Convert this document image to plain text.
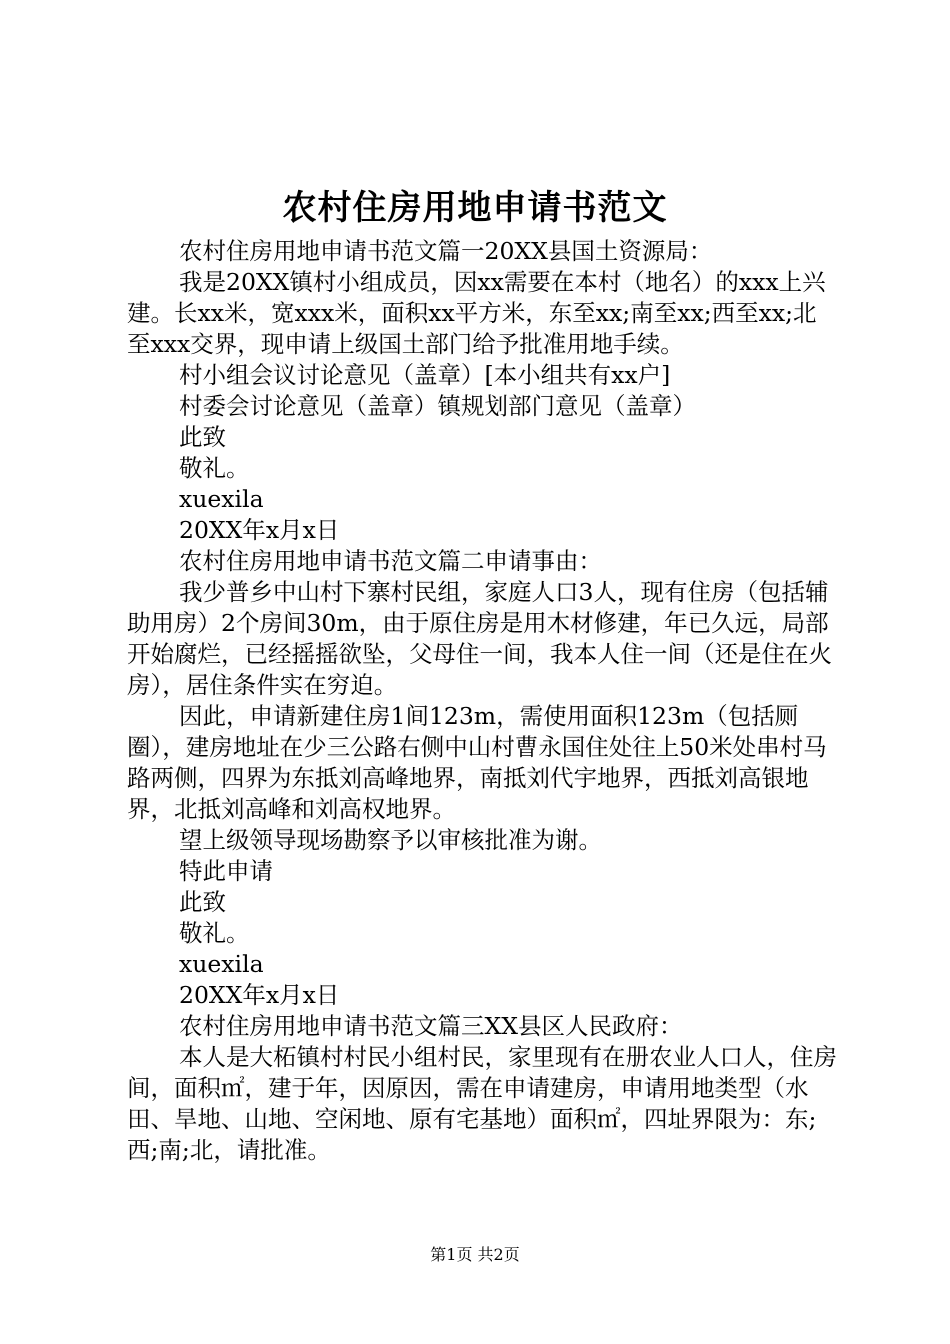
农村住房用地申请书范文

农村住房用地申请书范文篇一20XX县国土资源局：

我是20XX镇村小组成员，因xx需要在本村（地名）的xxx上兴建。长xx米，宽xxx米，面积xx平方米，东至xx;南至xx;西至xx;北至xxx交界，现申请上级国土部门给予批准用地手续。

村小组会议讨论意见（盖章）[本小组共有xx户]

村委会讨论意见（盖章）镇规划部门意见（盖章）

此致

敬礼。

xuexila

20XX年x月x日

农村住房用地申请书范文篇二申请事由：

我少普乡中山村下寨村民组，家庭人口3人，现有住房（包括辅助用房）2个房间30m，由于原住房是用木材修建，年已久远，局部开始腐烂，已经摇摇欲坠，父母住一间，我本人住一间（还是住在火房），居住条件实在穷迫。

因此，申请新建住房1间123m，需使用面积123m（包括厕圈），建房地址在少三公路右侧中山村曹永国住处往上50米处串村马路两侧，四界为东抵刘高峰地界，南抵刘代宇地界，西抵刘高银地界，北抵刘高峰和刘高权地界。

望上级领导现场勘察予以审核批准为谢。

特此申请

此致

敬礼。

xuexila

20XX年x月x日

农村住房用地申请书范文篇三XX县区人民政府：

本人是大柘镇村村民小组村民，家里现有在册农业人口人，住房间，面积㎡，建于年，因原因，需在申请建房，申请用地类型（水田、旱地、山地、空闲地、原有宅基地）面积㎡，四址界限为：东;西;南;北，请批准。

第1页 共2页
